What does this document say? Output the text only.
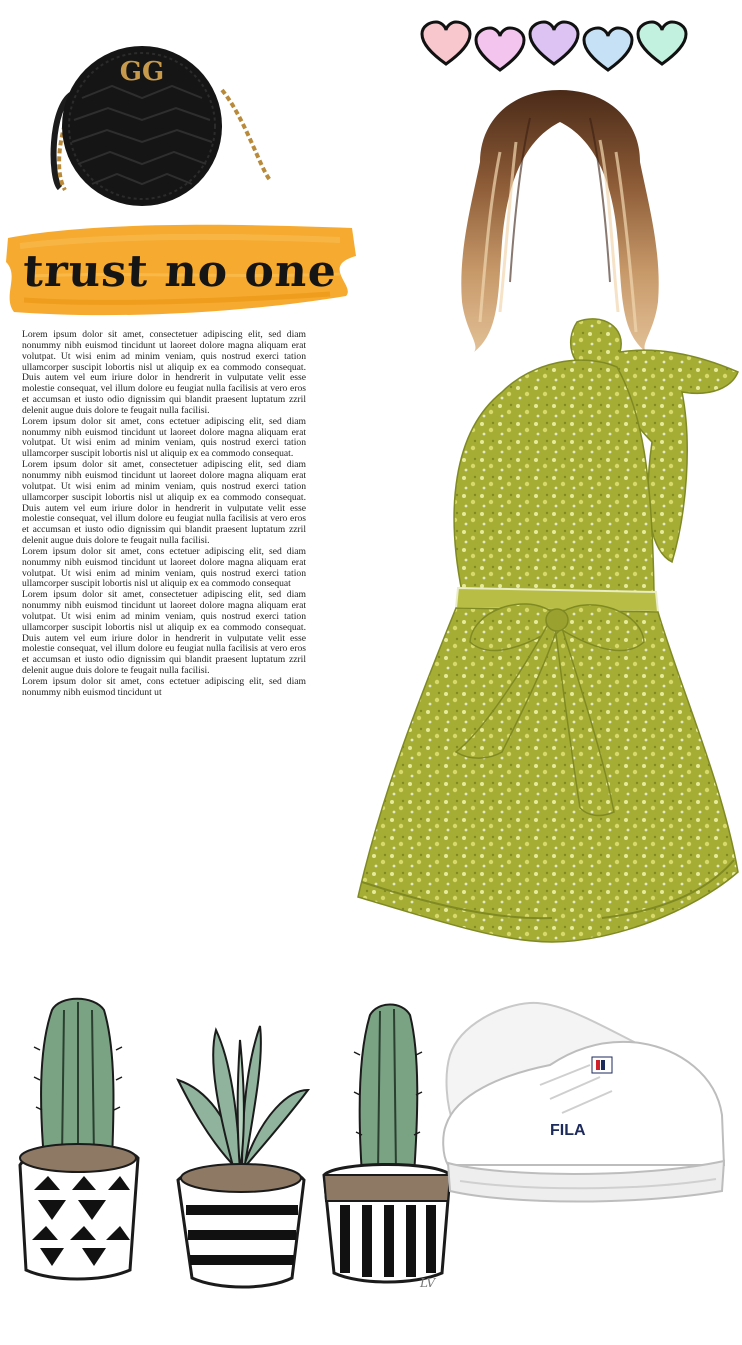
GG
trust no one

Lorem ipsum dolor sit amet, consectetuer adipiscing elit, sed diam nonummy nibh euismod tincidunt ut laoreet dolore magna aliquam erat volutpat. Ut wisi enim ad minim veniam, quis nostrud exerci tation ullamcorper suscipit lobortis nisl ut aliquip ex ea commodo consequat. Duis autem vel eum iriure dolor in hendrerit in vulputate velit esse molestie consequat, vel illum dolore eu feugiat nulla facilisis at vero eros et accumsan et iusto odio dignissim qui blandit praesent luptatum zzril delenit augue duis dolore te feugait nulla facilisi.

Lorem ipsum dolor sit amet, cons ectetuer adipiscing elit, sed diam nonummy nibh euismod tincidunt ut laoreet dolore magna aliquam erat volutpat. Ut wisi enim ad minim veniam, quis nostrud exerci tation ullamcorper suscipit lobortis nisl ut aliquip ex ea commodo consequat.

Lorem ipsum dolor sit amet, consectetuer adipiscing elit, sed diam nonummy nibh euismod tincidunt ut laoreet dolore magna aliquam erat volutpat. Ut wisi enim ad minim veniam, quis nostrud exerci tation ullamcorper suscipit lobortis nisl ut aliquip ex ea commodo consequat. Duis autem vel eum iriure dolor in hendrerit in vulputate velit esse molestie consequat, vel illum dolore eu feugiat nulla facilisis at vero eros et accumsan et iusto odio dignissim qui blandit praesent luptatum zzril delenit augue duis dolore te feugait nulla facilisi.

Lorem ipsum dolor sit amet, cons ectetuer adipiscing elit, sed diam nonummy nibh euismod tincidunt ut laoreet dolore magna aliquam erat volutpat. Ut wisi enim ad minim veniam, quis nostrud exerci tation ullamcorper suscipit lobortis nisl ut aliquip ex ea commodo consequat

Lorem ipsum dolor sit amet, consectetuer adipiscing elit, sed diam nonummy nibh euismod tincidunt ut laoreet dolore magna aliquam erat volutpat. Ut wisi enim ad minim veniam, quis nostrud exerci tation ullamcorper suscipit lobortis nisl ut aliquip ex ea commodo consequat. Duis autem vel eum iriure dolor in hendrerit in vulputate velit esse molestie consequat, vel illum dolore eu feugiat nulla facilisis at vero eros et accumsan et iusto odio dignissim qui blandit praesent luptatum zzril delenit augue duis dolore te feugait nulla facilisi.

Lorem ipsum dolor sit amet, cons ectetuer adipiscing elit, sed diam nonummy nibh euismod tincidunt ut

LV
FILA
